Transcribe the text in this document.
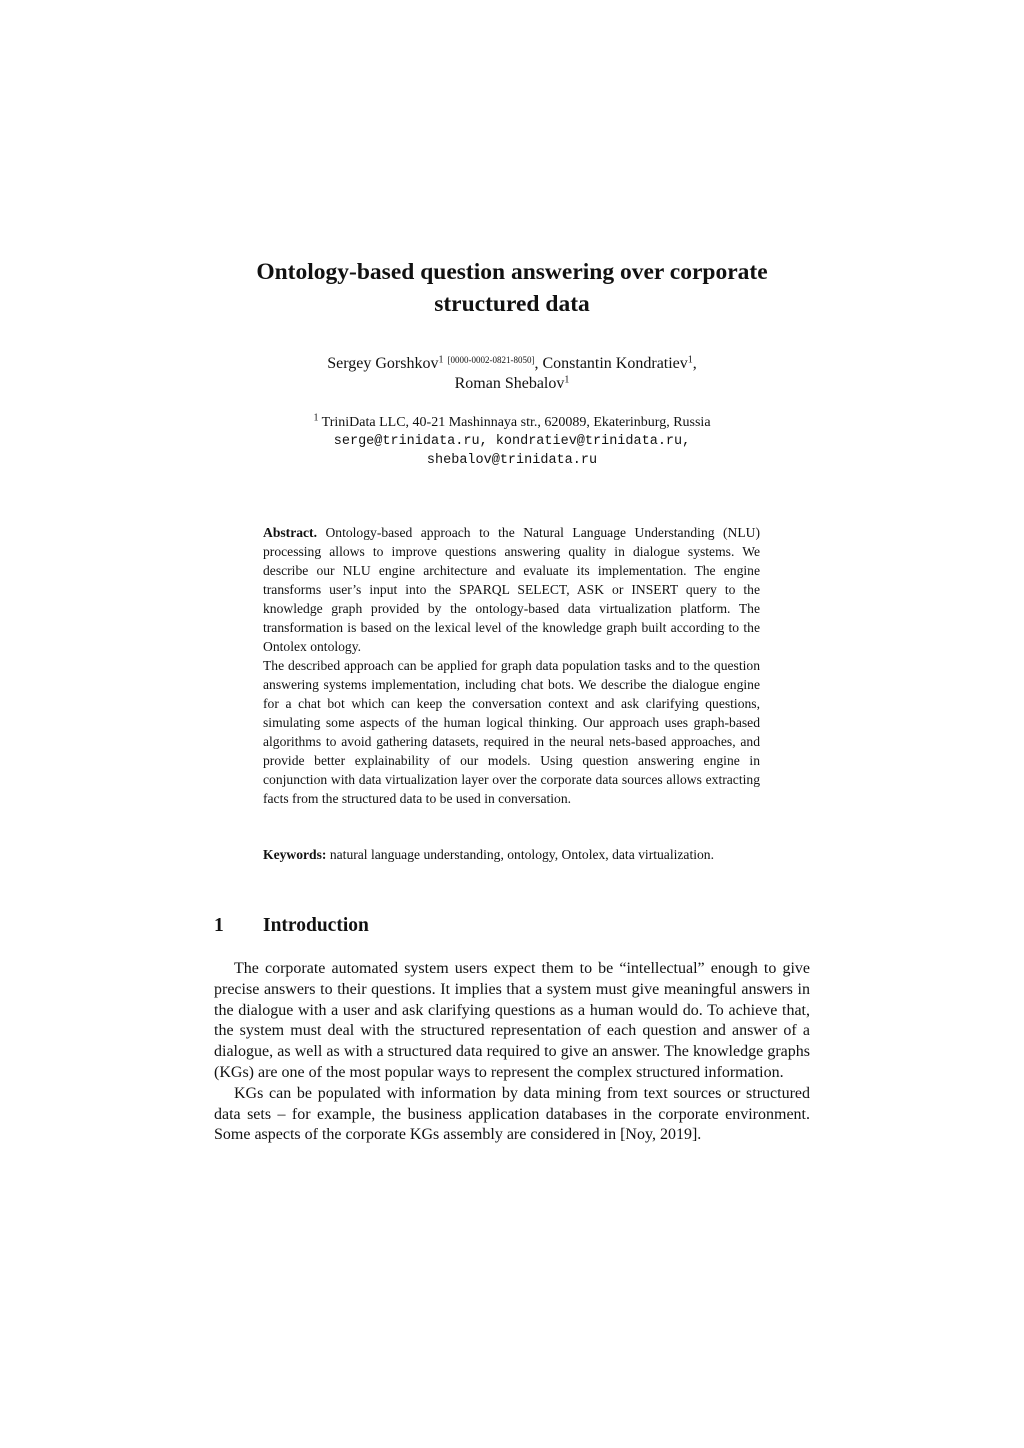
Ontology-based question answering over corporate
structured data
Sergey Gorshkov$^1$ [0000-0002-0821-8050], Constantin Kondratiev$^1$,
Roman Shebalov$^1$
$^1$ TriniData LLC, 40-21 Mashinnaya str., 620089, Ekaterinburg, Russia
serge@trinidata.ru, kondratiev@trinidata.ru,
shebalov@trinidata.ru

Abstract. Ontology-based approach to the Natural Language Understanding (NLU) processing allows to improve questions answering quality in dialogue systems. We describe our NLU engine architecture and evaluate its implementation. The engine transforms user’s input into the SPARQL SELECT, ASK or INSERT query to the knowledge graph provided by the ontology-based data virtualization platform. The transformation is based on the lexical level of the knowledge graph built according to the Ontolex ontology.

The described approach can be applied for graph data population tasks and to the question answering systems implementation, including chat bots. We describe the dialogue engine for a chat bot which can keep the conversation context and ask clarifying questions, simulating some aspects of the human logical thinking. Our approach uses graph-based algorithms to avoid gathering datasets, required in the neural nets-based approaches, and provide better explainability of our models. Using question answering engine in conjunction with data virtualization layer over the corporate data sources allows extracting facts from the structured data to be used in conversation.

Keywords: natural language understanding, ontology, Ontolex, data virtualization.

1 Introduction

The corporate automated system users expect them to be “intellectual” enough to give precise answers to their questions. It implies that a system must give meaningful answers in the dialogue with a user and ask clarifying questions as a human would do. To achieve that, the system must deal with the structured representation of each question and answer of a dialogue, as well as with a structured data required to give an answer. The knowledge graphs (KGs) are one of the most popular ways to represent the complex structured information.

KGs can be populated with information by data mining from text sources or structured data sets – for example, the business application databases in the corporate environment. Some aspects of the corporate KGs assembly are considered in [Noy, 2019].
